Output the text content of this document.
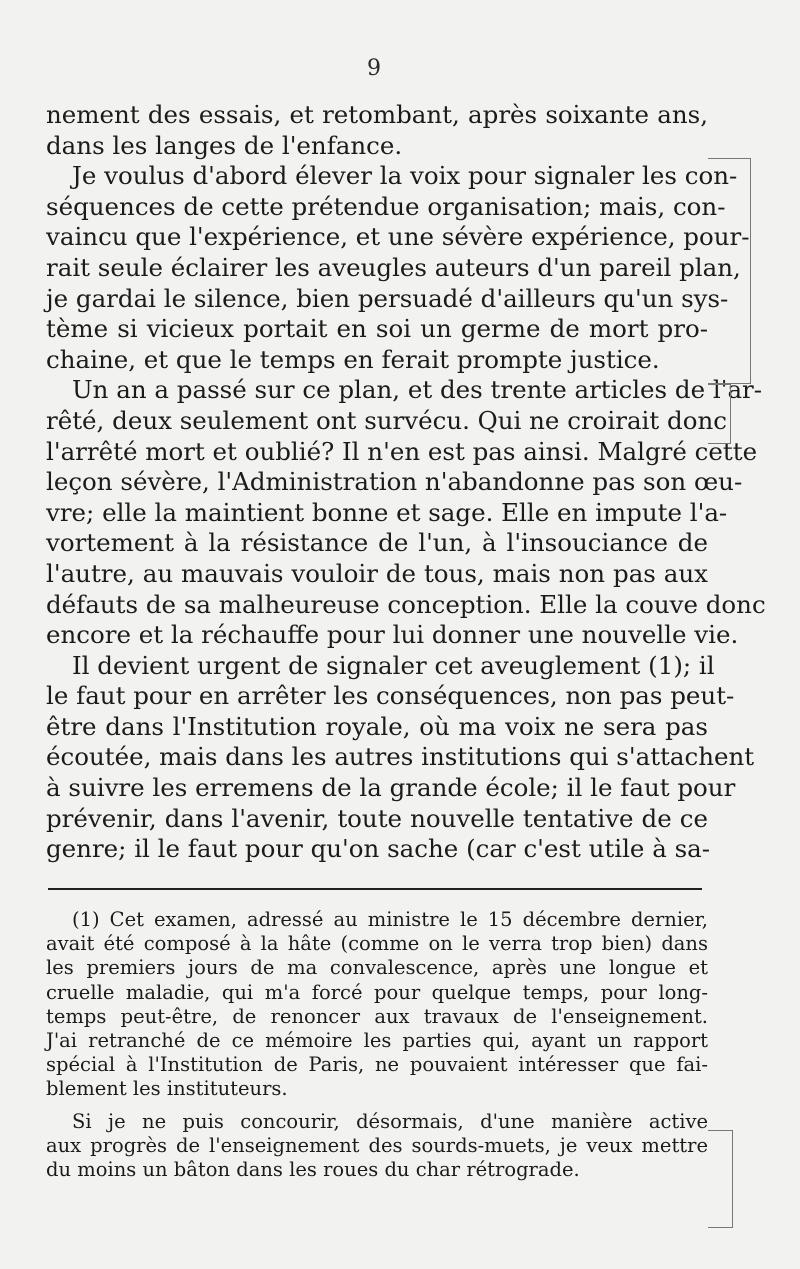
9
nement des essais, et retombant, après soixante ans,
dans les langes de l'enfance.
Je voulus d'abord élever la voix pour signaler les con-
séquences de cette prétendue organisation; mais, con-
vaincu que l'expérience, et une sévère expérience, pour-
rait seule éclairer les aveugles auteurs d'un pareil plan,
je gardai le silence, bien persuadé d'ailleurs qu'un sys-
tème si vicieux portait en soi un germe de mort pro-
chaine, et que le temps en ferait prompte justice.
Un an a passé sur ce plan, et des trente articles de l'ar-
rêté, deux seulement ont survécu. Qui ne croirait donc
l'arrêté mort et oublié? Il n'en est pas ainsi. Malgré cette
leçon sévère, l'Administration n'abandonne pas son œu-
vre; elle la maintient bonne et sage. Elle en impute l'a-
vortement à la résistance de l'un, à l'insouciance de
l'autre, au mauvais vouloir de tous, mais non pas aux
défauts de sa malheureuse conception. Elle la couve donc
encore et la réchauffe pour lui donner une nouvelle vie.
Il devient urgent de signaler cet aveuglement (1); il
le faut pour en arrêter les conséquences, non pas peut-
être dans l'Institution royale, où ma voix ne sera pas
écoutée, mais dans les autres institutions qui s'attachent
à suivre les erremens de la grande école; il le faut pour
prévenir, dans l'avenir, toute nouvelle tentative de ce
genre; il le faut pour qu'on sache (car c'est utile à sa-
(1) Cet examen, adressé au ministre le 15 décembre dernier,
avait été composé à la hâte (comme on le verra trop bien) dans
les premiers jours de ma convalescence, après une longue et
cruelle maladie, qui m'a forcé pour quelque temps, pour long-
temps peut-être, de renoncer aux travaux de l'enseignement.
J'ai retranché de ce mémoire les parties qui, ayant un rapport
spécial à l'Institution de Paris, ne pouvaient intéresser que fai-
blement les instituteurs.
Si je ne puis concourir, désormais, d'une manière active
aux progrès de l'enseignement des sourds-muets, je veux mettre
du moins un bâton dans les roues du char rétrograde.
